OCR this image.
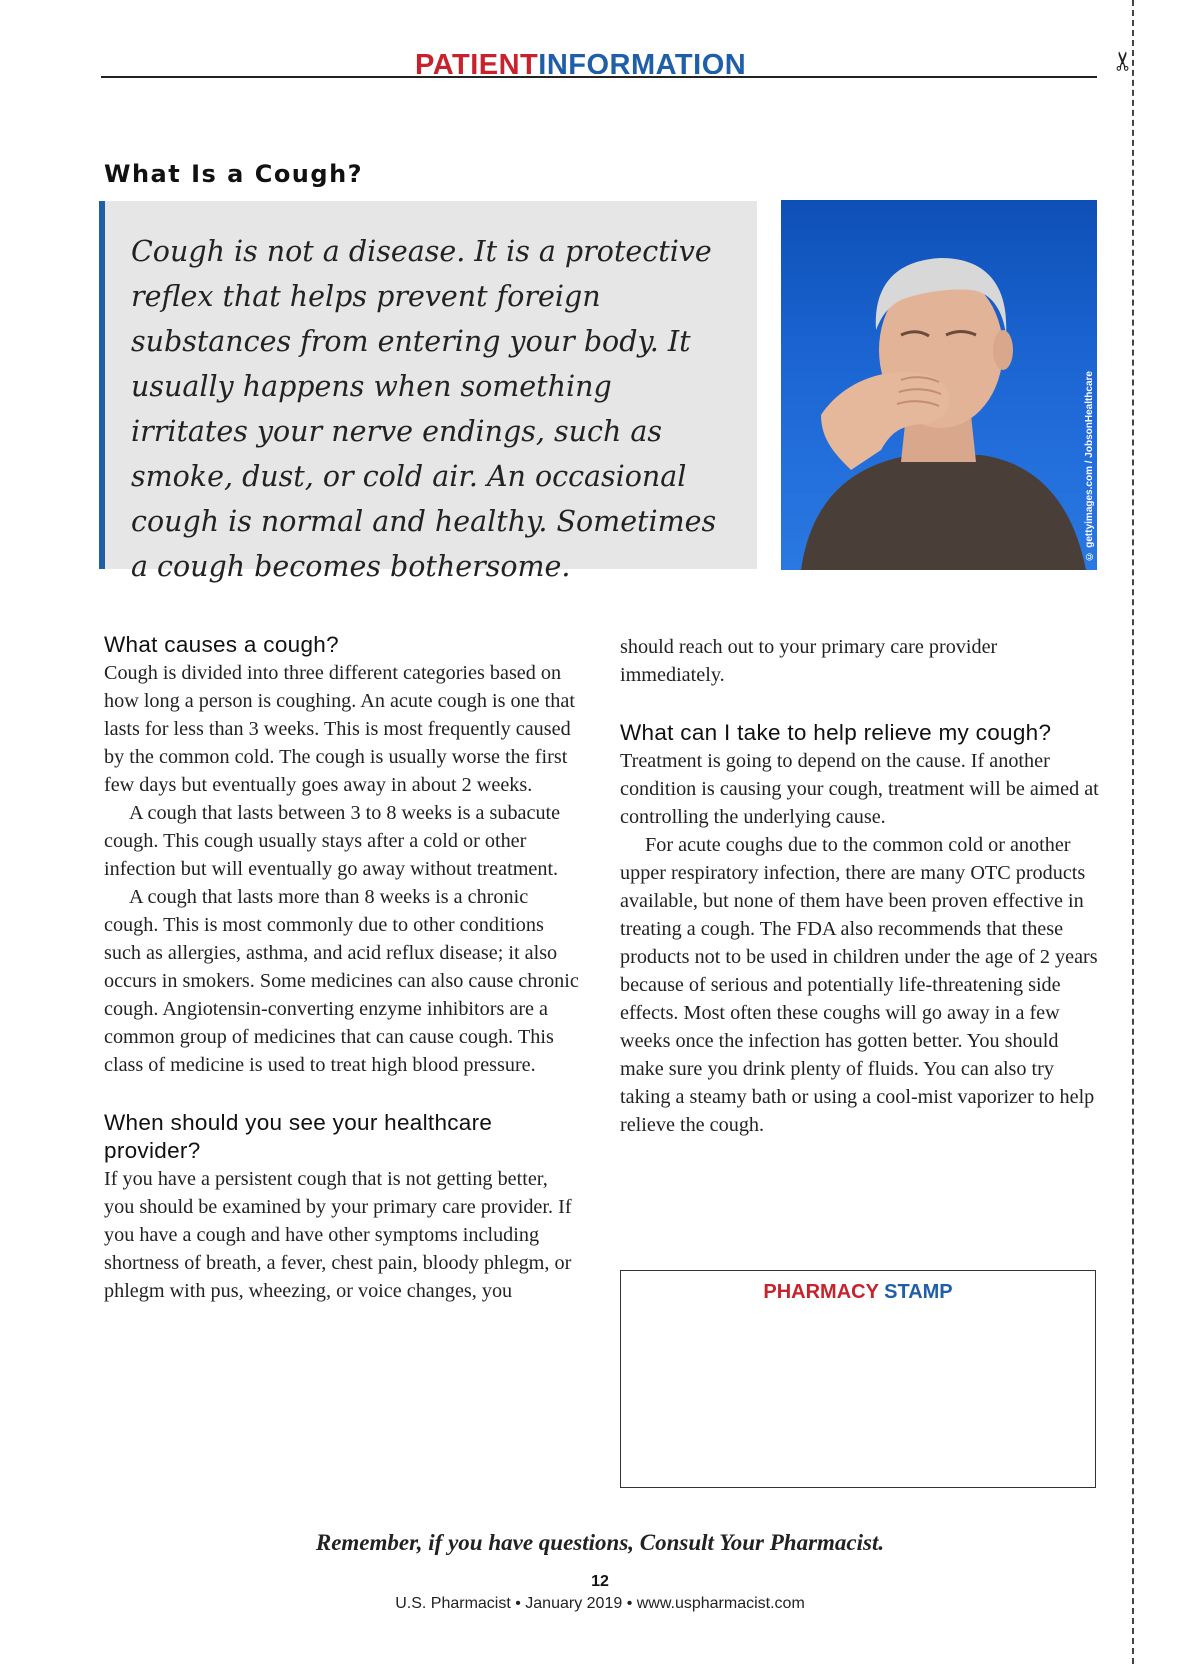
✂
PATIENTINFORMATION
What Is a Cough?

Cough is not a disease. It is a protective reflex that helps prevent foreign substances from entering your body. It usually happens when something irritates your nerve endings, such as smoke, dust, or cold air. An occasional cough is normal and healthy. Sometimes a cough becomes bothersome.

© gettyimages.com / JobsonHealthcare
What causes a cough?

Cough is divided into three different categories based on how long a person is coughing. An acute cough is one that lasts for less than 3 weeks. This is most frequently caused by the common cold. The cough is usually worse the first few days but eventually goes away in about 2 weeks.

A cough that lasts between 3 to 8 weeks is a subacute cough. This cough usually stays after a cold or other infection but will eventually go away without treatment.

A cough that lasts more than 8 weeks is a chronic cough. This is most commonly due to other conditions such as allergies, asthma, and acid reflux disease; it also occurs in smokers. Some medicines can also cause chronic cough. Angiotensin-converting enzyme inhibitors are a common group of medicines that can cause cough. This class of medicine is used to treat high blood pressure.

When should you see your healthcare provider?

If you have a persistent cough that is not getting better, you should be examined by your primary care provider. If you have a cough and have other symptoms including shortness of breath, a fever, chest pain, bloody phlegm, or phlegm with pus, wheezing, or voice changes, you

should reach out to your primary care provider immediately.

What can I take to help relieve my cough?

Treatment is going to depend on the cause. If another condition is causing your cough, treatment will be aimed at controlling the underlying cause.

For acute coughs due to the common cold or another upper respiratory infection, there are many OTC products available, but none of them have been proven effective in treating a cough. The FDA also recommends that these products not to be used in children under the age of 2 years because of serious and potentially life-threatening side effects. Most often these coughs will go away in a few weeks once the infection has gotten better. You should make sure you drink plenty of fluids. You can also try taking a steamy bath or using a cool-mist vaporizer to help relieve the cough.

PHARMACY STAMP
Remember, if you have questions, Consult Your Pharmacist.
12
U.S. Pharmacist • January 2019 • www.uspharmacist.com
